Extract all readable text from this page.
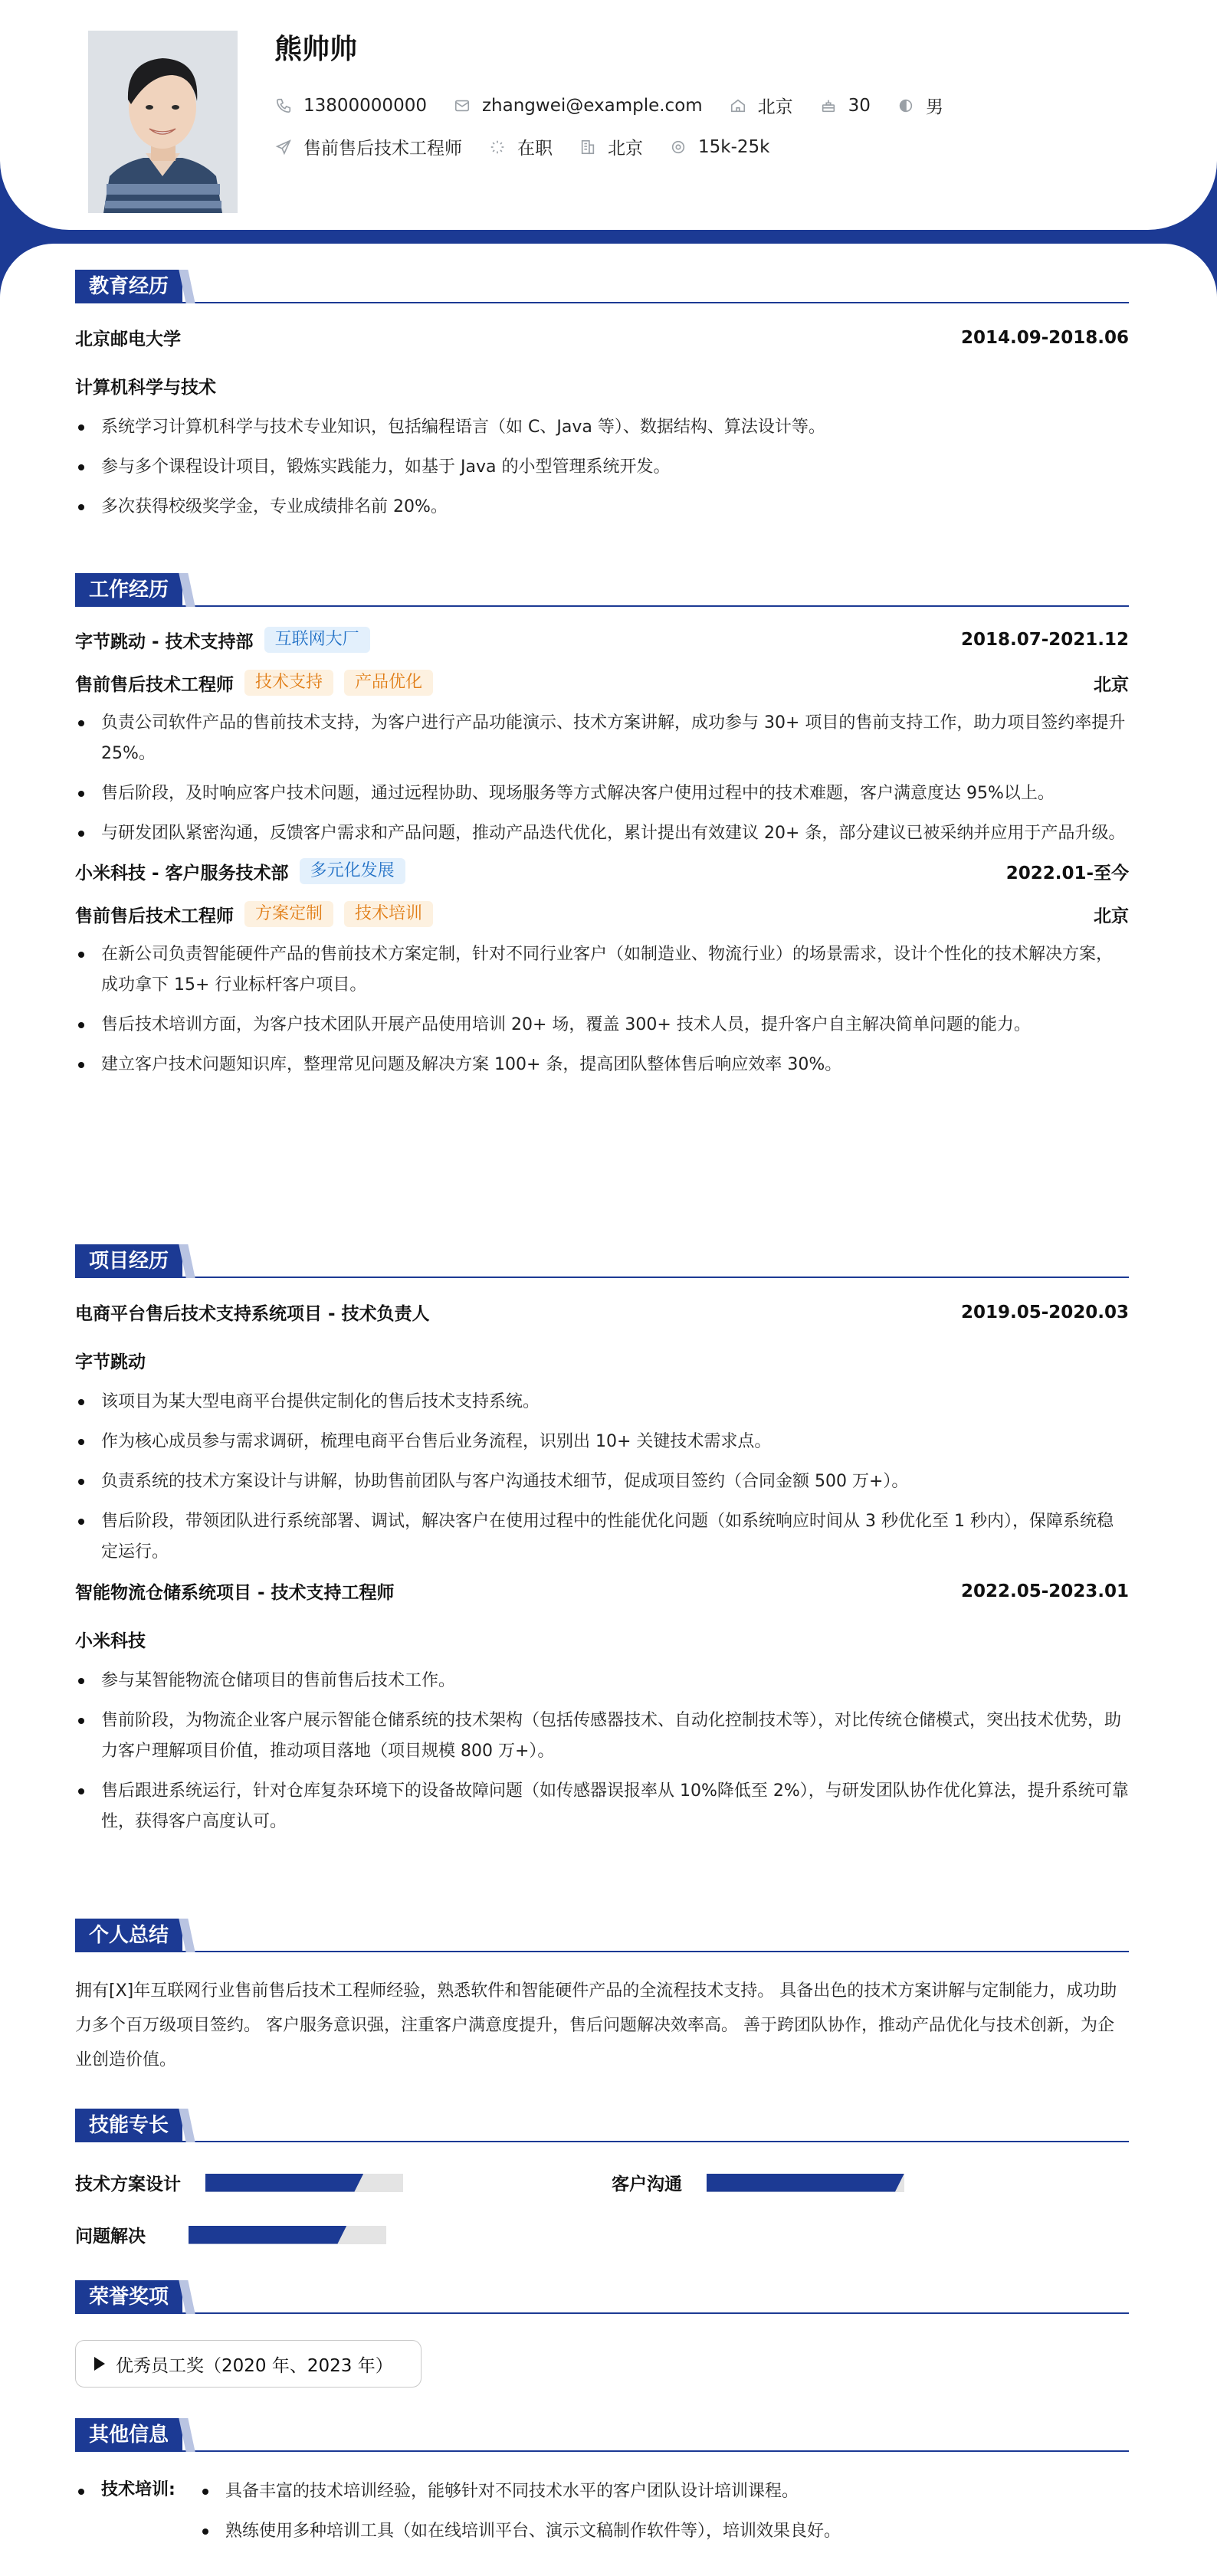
熊帅帅
13800000000	zhangwei@example.com	北京	30	男
售前售后技术工程师	在职	北京	15k-25k
教育经历
北京邮电大学	2014.09-2018.06
计算机科学与技术
系统学习计算机科学与技术专业知识，包括编程语言（如 C、Java 等）、数据结构、算法设计等。
参与多个课程设计项目，锻炼实践能力，如基于 Java 的小型管理系统开发。
多次获得校级奖学金，专业成绩排名前 20%。
工作经历
字节跳动 - 技术支持部	互联网大厂	2018.07-2021.12
售前售后技术工程师	技术支持	产品优化	北京
负责公司软件产品的售前技术支持，为客户进行产品功能演示、技术方案讲解，成功参与 30+ 项目的售前支持工作，助力项目签约率提升 25%。
售后阶段，及时响应客户技术问题，通过远程协助、现场服务等方式解决客户使用过程中的技术难题，客户满意度达 95%以上。
与研发团队紧密沟通，反馈客户需求和产品问题，推动产品迭代优化，累计提出有效建议 20+ 条，部分建议已被采纳并应用于产品升级。
小米科技 - 客户服务技术部	多元化发展	2022.01-至今
售前售后技术工程师	方案定制	技术培训	北京
在新公司负责智能硬件产品的售前技术方案定制，针对不同行业客户（如制造业、物流行业）的场景需求，设计个性化的技术解决方案，成功拿下 15+ 行业标杆客户项目。
售后技术培训方面，为客户技术团队开展产品使用培训 20+ 场，覆盖 300+ 技术人员，提升客户自主解决简单问题的能力。
建立客户技术问题知识库，整理常见问题及解决方案 100+ 条，提高团队整体售后响应效率 30%。
项目经历
电商平台售后技术支持系统项目 - 技术负责人	2019.05-2020.03
字节跳动
该项目为某大型电商平台提供定制化的售后技术支持系统。
作为核心成员参与需求调研，梳理电商平台售后业务流程，识别出 10+ 关键技术需求点。
负责系统的技术方案设计与讲解，协助售前团队与客户沟通技术细节，促成项目签约（合同金额 500 万+）。
售后阶段，带领团队进行系统部署、调试，解决客户在使用过程中的性能优化问题（如系统响应时间从 3 秒优化至 1 秒内），保障系统稳定运行。
智能物流仓储系统项目 - 技术支持工程师	2022.05-2023.01
小米科技
参与某智能物流仓储项目的售前售后技术工作。
售前阶段，为物流企业客户展示智能仓储系统的技术架构（包括传感器技术、自动化控制技术等），对比传统仓储模式，突出技术优势，助力客户理解项目价值，推动项目落地（项目规模 800 万+）。
售后跟进系统运行，针对仓库复杂环境下的设备故障问题（如传感器误报率从 10%降低至 2%），与研发团队协作优化算法，提升系统可靠性，获得客户高度认可。
个人总结

拥有[X]年互联网行业售前售后技术工程师经验，熟悉软件和智能硬件产品的全流程技术支持。 具备出色的技术方案讲解与定制能力，成功助力多个百万级项目签约。 客户服务意识强，注重客户满意度提升，售后问题解决效率高。 善于跨团队协作，推动产品优化与技术创新，为企业创造价值。

技能专长
技术方案设计	客户沟通
问题解决
荣誉奖项
优秀员工奖（2020 年、2023 年）
其他信息
技术培训:	具备丰富的技术培训经验，能够针对不同技术水平的客户团队设计培训课程。
熟练使用多种培训工具（如在线培训平台、演示文稿制作软件等），培训效果良好。
